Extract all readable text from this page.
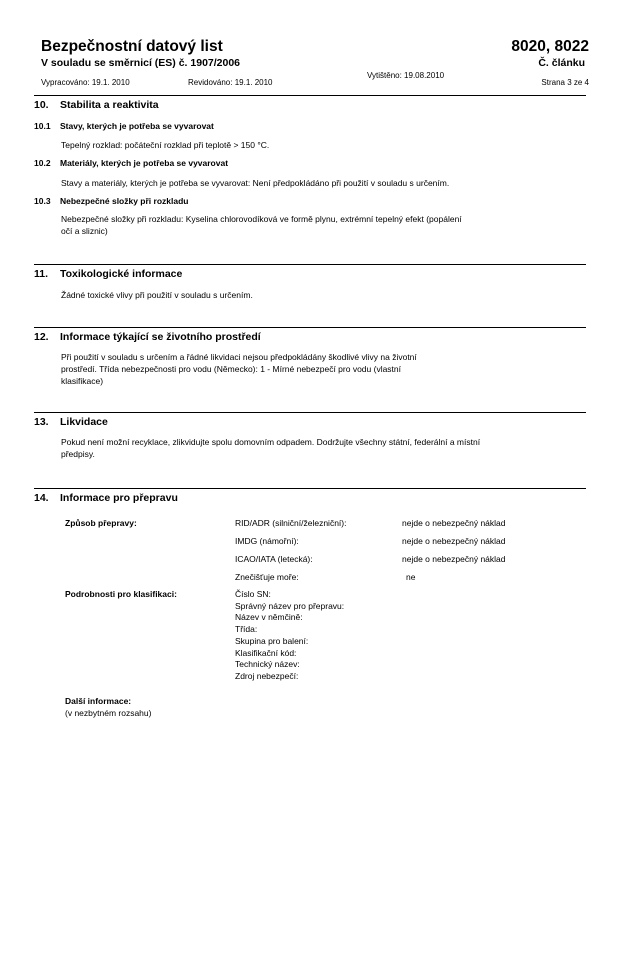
Bezpečnostní datový list
V souladu se směrnicí (ES) č. 1907/2006
8020, 8022
Č. článku
Vypracováno: 19.1. 2010	Revidováno: 19.1. 2010
Vytištěno: 19.08.2010
Strana 3 ze 4
10. Stabilita a reaktivita
10.1 Stavy, kterých je potřeba se vyvarovat
Tepelný rozklad: počáteční rozklad při teplotě > 150 °C.
10.2 Materiály, kterých je potřeba se vyvarovat
Stavy a materiály, kterých je potřeba se vyvarovat: Není předpokládáno při použití v souladu s určením.
10.3 Nebezpečné složky při rozkladu
Nebezpečné složky při rozkladu: Kyselina chlorovodíková ve formě plynu, extrémní tepelný efekt (popálení
očí a sliznic)
11. Toxikologické informace
Žádné toxické vlivy při použití v souladu s určením.
12. Informace týkající se životního prostředí
Při použití v souladu s určením a řádné likvidaci nejsou předpokládány škodlivé vlivy na životní
prostředí. Třída nebezpečnosti pro vodu (Německo): 1 - Mírné nebezpečí pro vodu (vlastní
klasifikace)
13. Likvidace
Pokud není možní recyklace, zlikvidujte spolu domovním odpadem. Dodržujte všechny státní, federální a místní
předpisy.
14. Informace pro přepravu
Způsob přepravy:	RID/ADR (silniční/železniční):	nejde o nebezpečný náklad
IMDG (námořní):	nejde o nebezpečný náklad
ICAO/IATA (letecká):	nejde o nebezpečný náklad
Znečišťuje moře:	ne
Podrobnosti pro klasifikaci:	Číslo SN:
Správný název pro přepravu:
Název v němčině:
Třída:
Skupina pro balení:
Klasifikační kód:
Technický název:
Zdroj nebezpečí:
Další informace:
(v nezbytném rozsahu)
